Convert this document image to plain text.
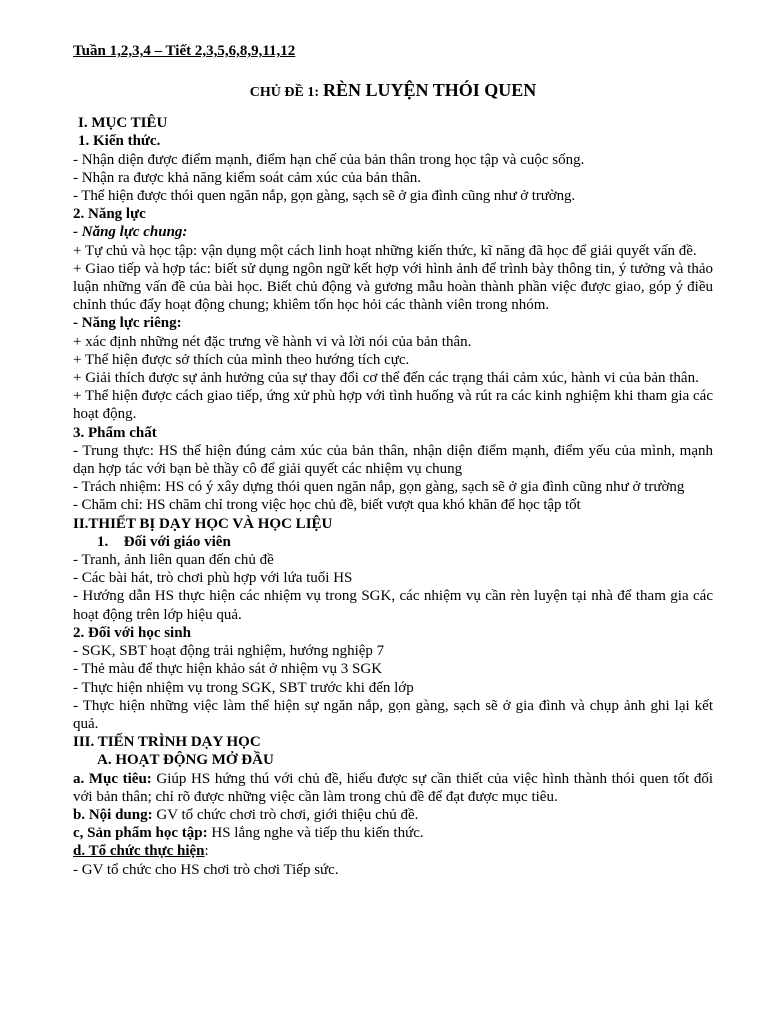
Tuần 1,2,3,4 – Tiết 2,3,5,6,8,9,11,12
CHỦ ĐỀ 1: RÈN LUYỆN THÓI QUEN
I. MỤC TIÊU
1. Kiến thức.
- Nhận diện được điểm mạnh, điểm hạn chế của bản thân trong học tập và cuộc sống.
- Nhận ra được khả năng kiểm soát cảm xúc của bản thân.
- Thể hiện được thói quen ngăn nắp, gọn gàng, sạch sẽ ở gia đình cũng như ở trường.
2. Năng lực
- Năng lực chung:
+ Tự chủ và học tập: vận dụng một cách linh hoạt những kiến thức, kĩ năng đã học để giải quyết vấn đề.
+ Giao tiếp và hợp tác: biết sử dụng ngôn ngữ kết hợp với hình ảnh để trình bày thông tin, ý tưởng và thảo luận những vấn đề của bài học. Biết chủ động và gương mẫu hoàn thành phần việc được giao, góp ý điều chỉnh thúc đẩy hoạt động chung; khiêm tốn học hỏi các thành viên trong nhóm.
- Năng lực riêng:
+ xác định những nét đặc trưng về hành vi và lời nói của bản thân.
+ Thể hiện được sở thích của mình theo hướng tích cực.
+ Giải thích được sự ảnh hưởng của sự thay đổi cơ thể đến các trạng thái cảm xúc, hành vi của bản thân.
+ Thể hiện được cách giao tiếp, ứng xử phù hợp với tình huống và rút ra các kinh nghiệm khi tham gia các hoạt động.
3. Phẩm chất
- Trung thực: HS thể hiện đúng cảm xúc của bản thân, nhận diện điểm mạnh, điểm yếu của mình, mạnh dạn hợp tác với bạn bè thầy cô để giải quyết các nhiệm vụ chung
- Trách nhiệm: HS có ý xây dựng thói quen ngăn nắp, gọn gàng, sạch sẽ ở gia đình cũng như ở trường
- Chăm chỉ: HS chăm chỉ trong việc học chủ đề, biết vượt qua khó khăn để học tập tốt
II.THIẾT BỊ DẠY HỌC VÀ HỌC LIỆU
1. Đối với giáo viên
- Tranh, ảnh liên quan đến chủ đề
- Các bài hát, trò chơi phù hợp với lứa tuổi HS
- Hướng dẫn HS thực hiện các nhiệm vụ trong SGK, các nhiệm vụ cần rèn luyện tại nhà để tham gia các hoạt động trên lớp hiệu quả.
2. Đối với học sinh
- SGK, SBT hoạt động trải nghiệm, hướng nghiệp 7
- Thẻ màu để thực hiện khảo sát ở nhiệm vụ 3 SGK
- Thực hiện nhiệm vụ trong SGK, SBT trước khi đến lớp
- Thực hiện những việc làm thể hiện sự ngăn nắp, gọn gàng, sạch sẽ ở gia đình và chụp ảnh ghi lại kết quả.
III. TIẾN TRÌNH DẠY HỌC
A. HOẠT ĐỘNG MỞ ĐẦU
a. Mục tiêu: Giúp HS hứng thú với chủ đề, hiểu được sự cần thiết của việc hình thành thói quen tốt đối với bản thân; chỉ rõ được những việc cần làm trong chủ đề để đạt được mục tiêu.
b. Nội dung: GV tổ chức chơi trò chơi, giới thiệu chủ đề.
c, Sản phẩm học tập: HS lắng nghe và tiếp thu kiến thức.
d. Tổ chức thực hiện:
- GV tổ chức cho HS chơi trò chơi Tiếp sức.
